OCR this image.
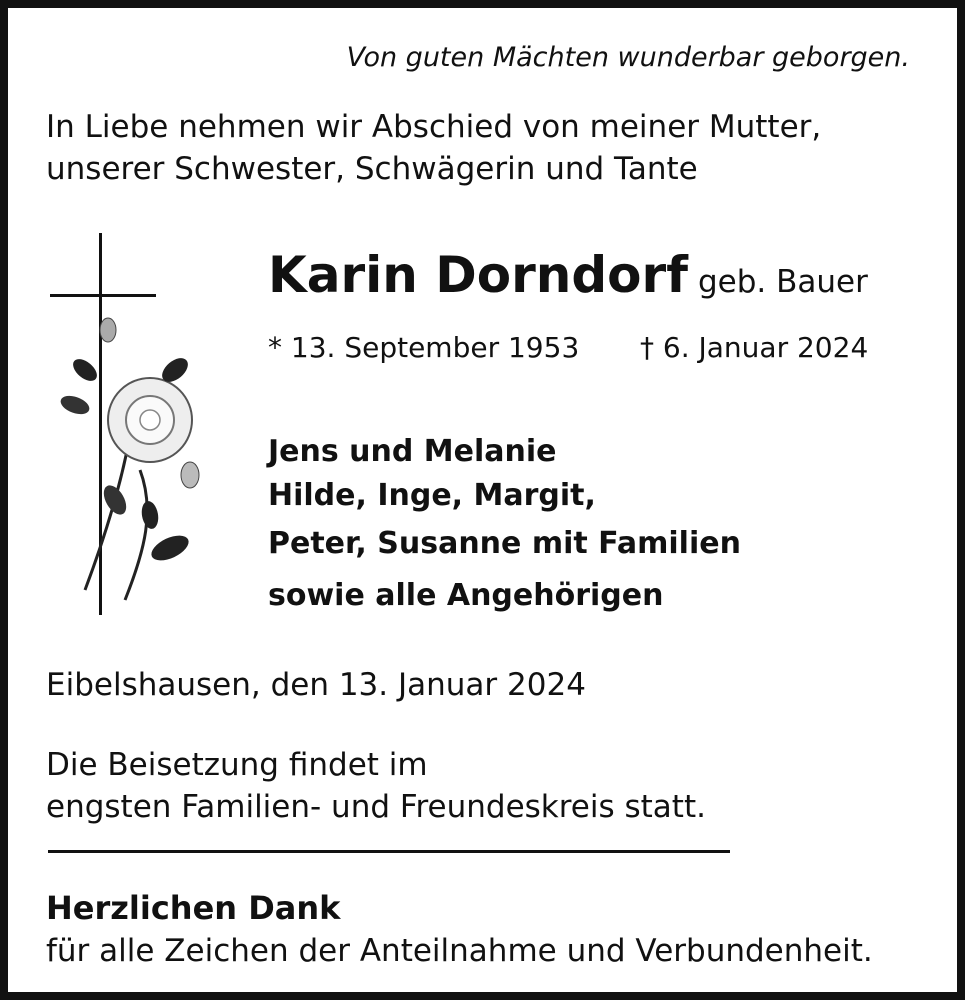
Von guten Mächten wunderbar geborgen.
In Liebe nehmen wir Abschied von meiner Mutter,
unserer Schwester, Schwägerin und Tante
Karin Dorndorf geb. Bauer
* 13. September 1953 † 6. Januar 2024
Jens und Melanie
Hilde, Inge, Margit,
Peter, Susanne mit Familien
sowie alle Angehörigen
Eibelshausen, den 13. Januar 2024
Die Beisetzung findet im
engsten Familien- und Freundeskreis statt.
Herzlichen Dank
für alle Zeichen der Anteilnahme und Verbundenheit.
